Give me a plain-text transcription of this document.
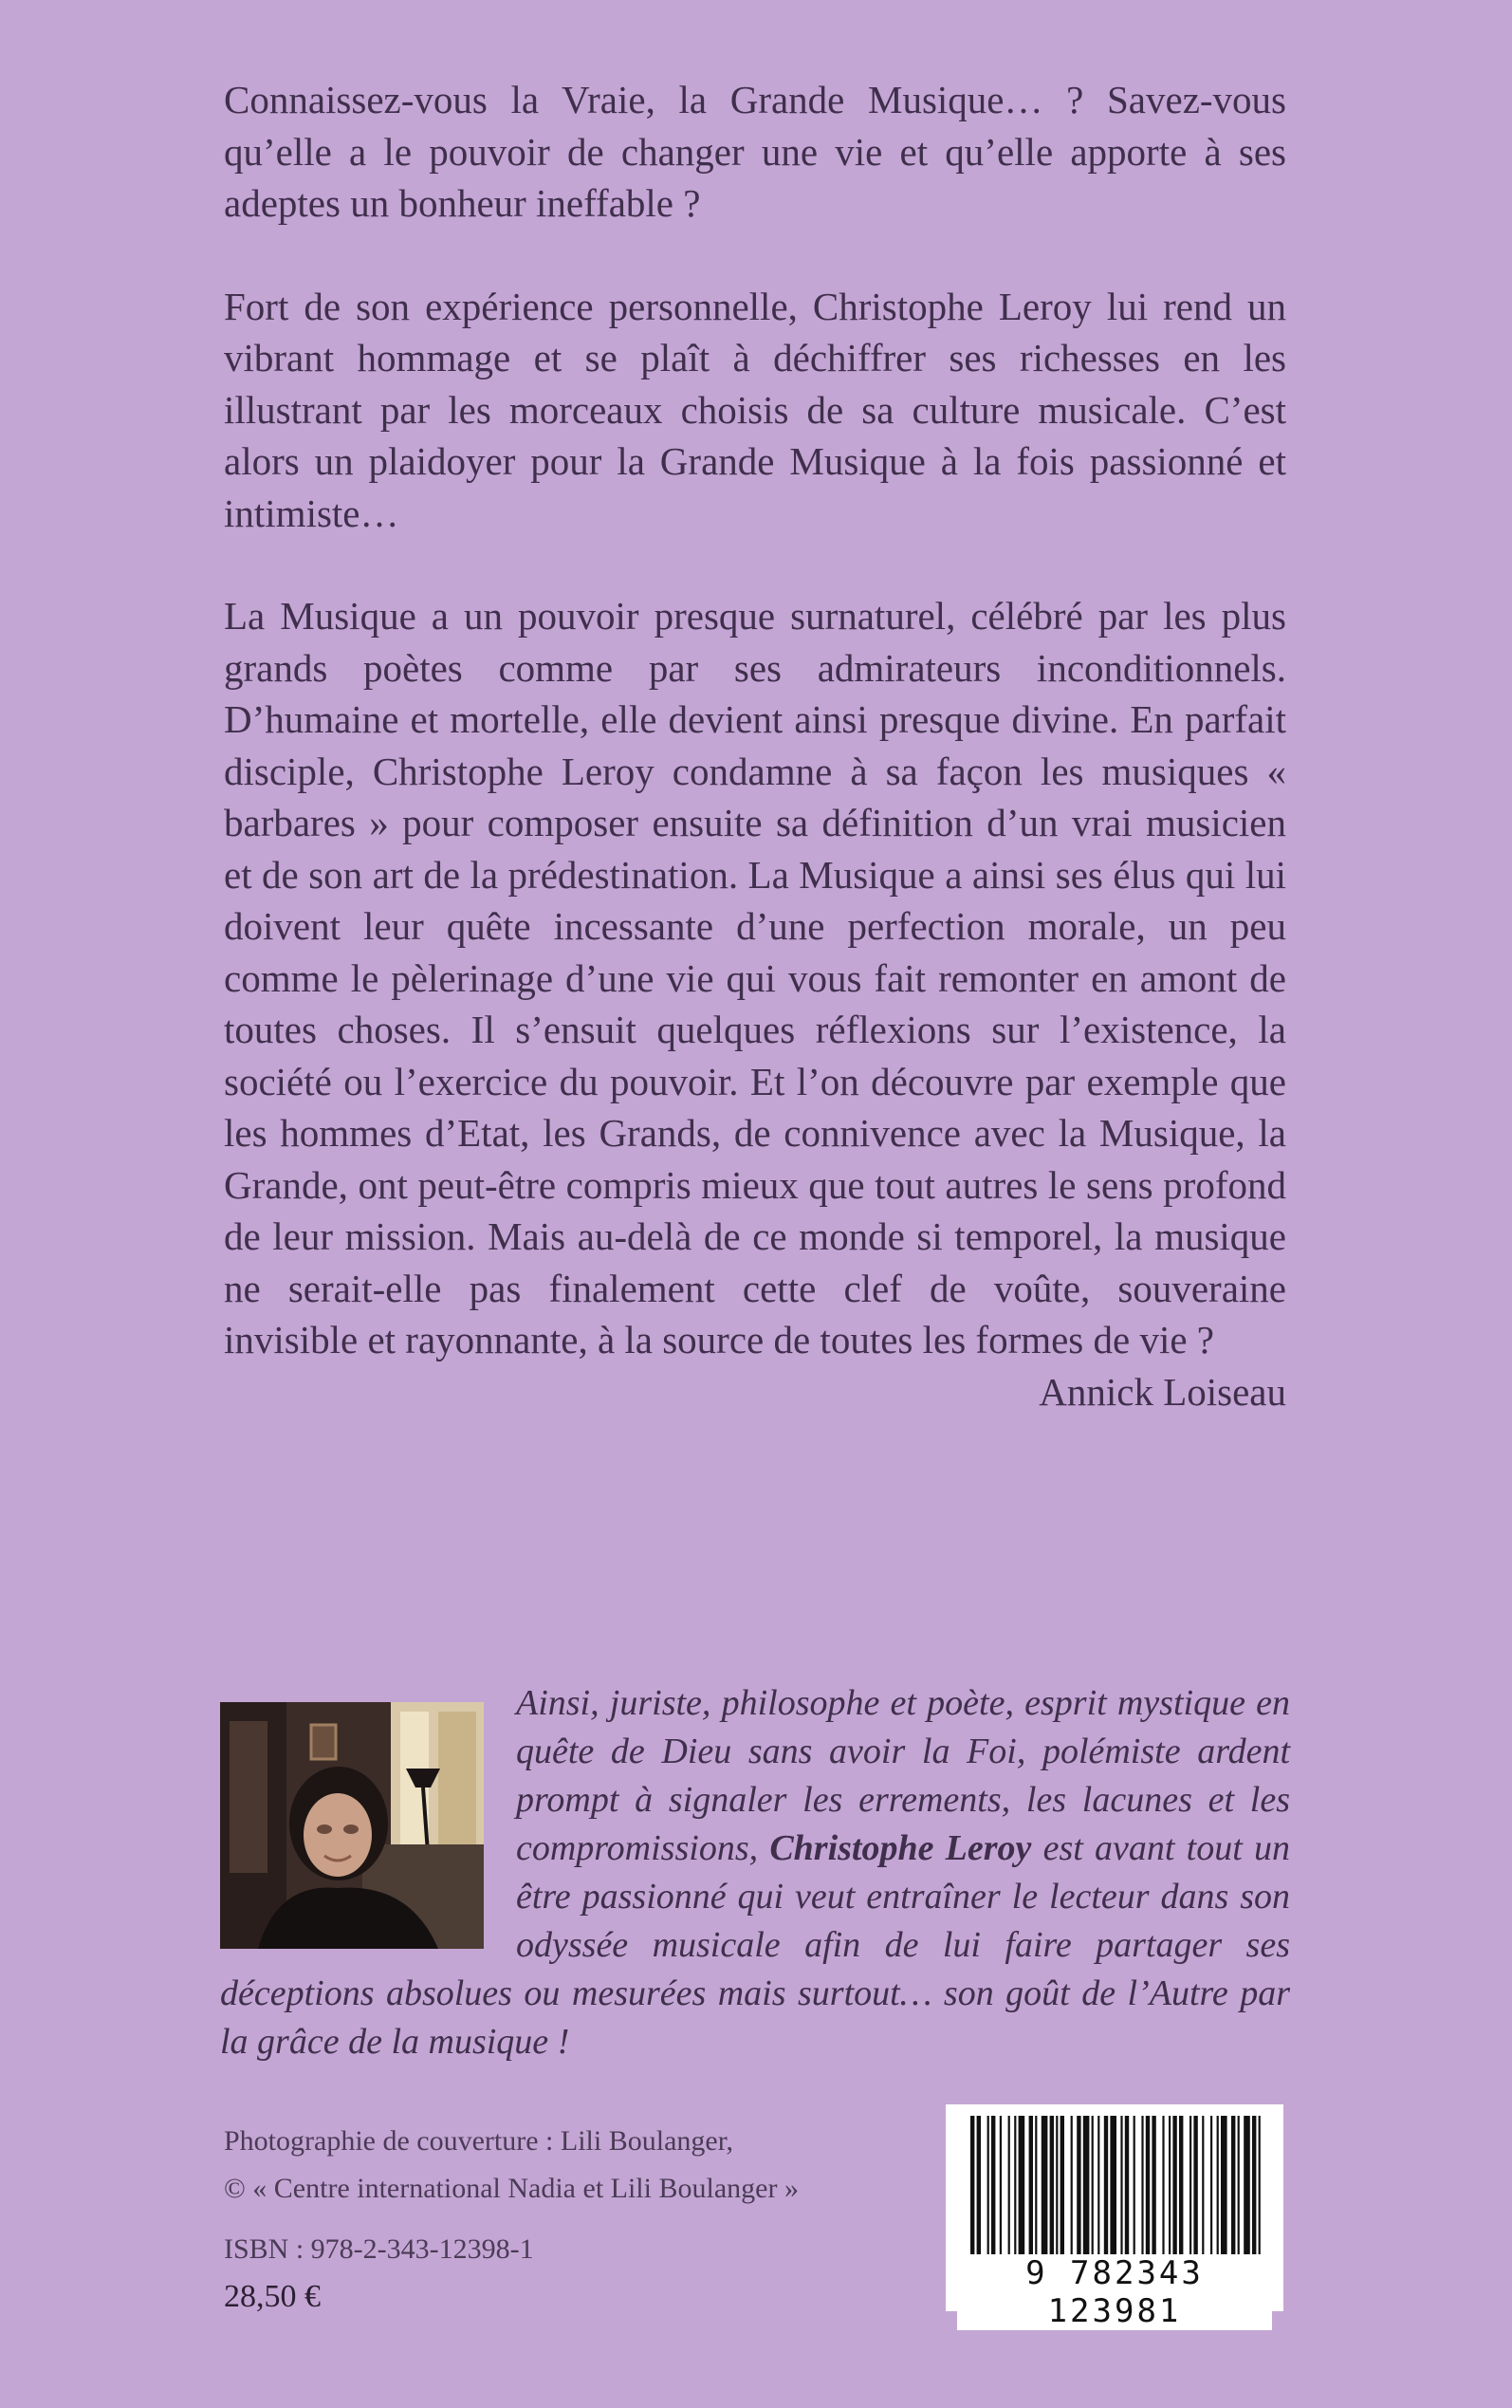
Connaissez-vous la Vraie, la Grande Musique… ? Savez-vous qu’elle a le pouvoir de changer une vie et qu’elle apporte à ses adeptes un bonheur ineffable ?

Fort de son expérience personnelle, Christophe Leroy lui rend un vibrant hommage et se plaît à déchiffrer ses richesses en les illustrant par les morceaux choisis de sa culture musicale. C’est alors un plaidoyer pour la Grande Musique à la fois passionné et intimiste…

La Musique a un pouvoir presque surnaturel, célébré par les plus grands poètes comme par ses admirateurs inconditionnels. D’humaine et mortelle, elle devient ainsi presque divine. En parfait disciple, Christophe Leroy condamne à sa façon les musiques « barbares » pour composer ensuite sa définition d’un vrai musicien et de son art de la prédestination. La Musique a ainsi ses élus qui lui doivent leur quête incessante d’une perfection morale, un peu comme le pèlerinage d’une vie qui vous fait remonter en amont de toutes choses. Il s’ensuit quelques réflexions sur l’existence, la société ou l’exercice du pouvoir. Et l’on découvre par exemple que les hommes d’Etat, les Grands, de connivence avec la Musique, la Grande, ont peut-être compris mieux que tout autres le sens profond de leur mission. Mais au-delà de ce monde si temporel, la musique ne serait-elle pas finalement cette clef de voûte, souveraine invisible et rayonnante, à la source de toutes les formes de vie ?

Annick Loiseau

Ainsi, juriste, philosophe et poète, esprit mystique en quête de Dieu sans avoir la Foi, polémiste ardent prompt à signaler les errements, les lacunes et les compromissions, Christophe Leroy est avant tout un être passionné qui veut entraîner le lecteur dans son odyssée musicale afin de lui faire partager ses déceptions absolues ou mesurées mais surtout… son goût de l’Autre par la grâce de la musique !

Photographie de couverture : Lili Boulanger,
© « Centre international Nadia et Lili Boulanger »
ISBN : 978-2-343-12398-1
28,50 €
9 782343 123981
